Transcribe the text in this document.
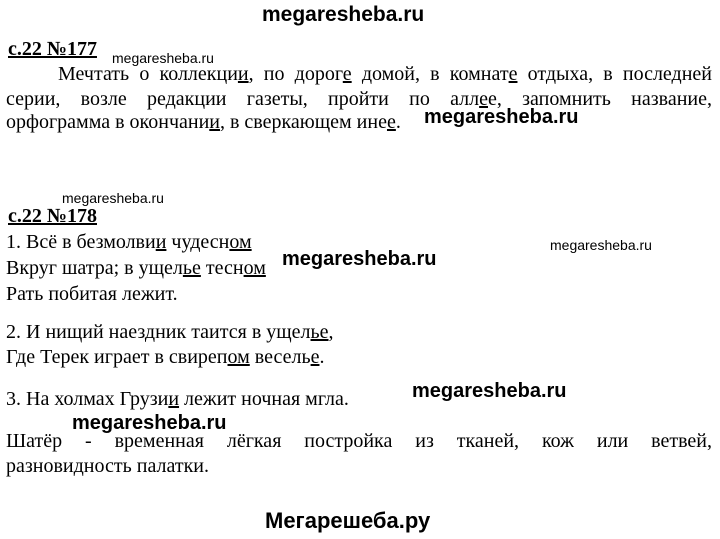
megaresheba.ru
с.22 №177 megaresheba.ru
Мечтать о коллекции, по дороге домой, в комнате отдыха, в последней
серии, возле редакции газеты, пройти по аллее, запомнить название,
орфограмма в окончании, в сверкающем инее. megaresheba.ru
megaresheba.ru
с.22 №178
1. Всё в безмолвии чудесном	megaresheba.ru
Вкруг шатра; в ущелье тесном megaresheba.ru
Рать побитая лежит.
2. И нищий наездник таится в ущелье,
Где Терек играет в свирепом веселье.
3. На холмах Грузии лежит ночная мгла.	megaresheba.ru
megaresheba.ru
Шатёр - временная лёгкая постройка из тканей, кож или ветвей,
разновидность палатки.
Мегарешеба.ру
